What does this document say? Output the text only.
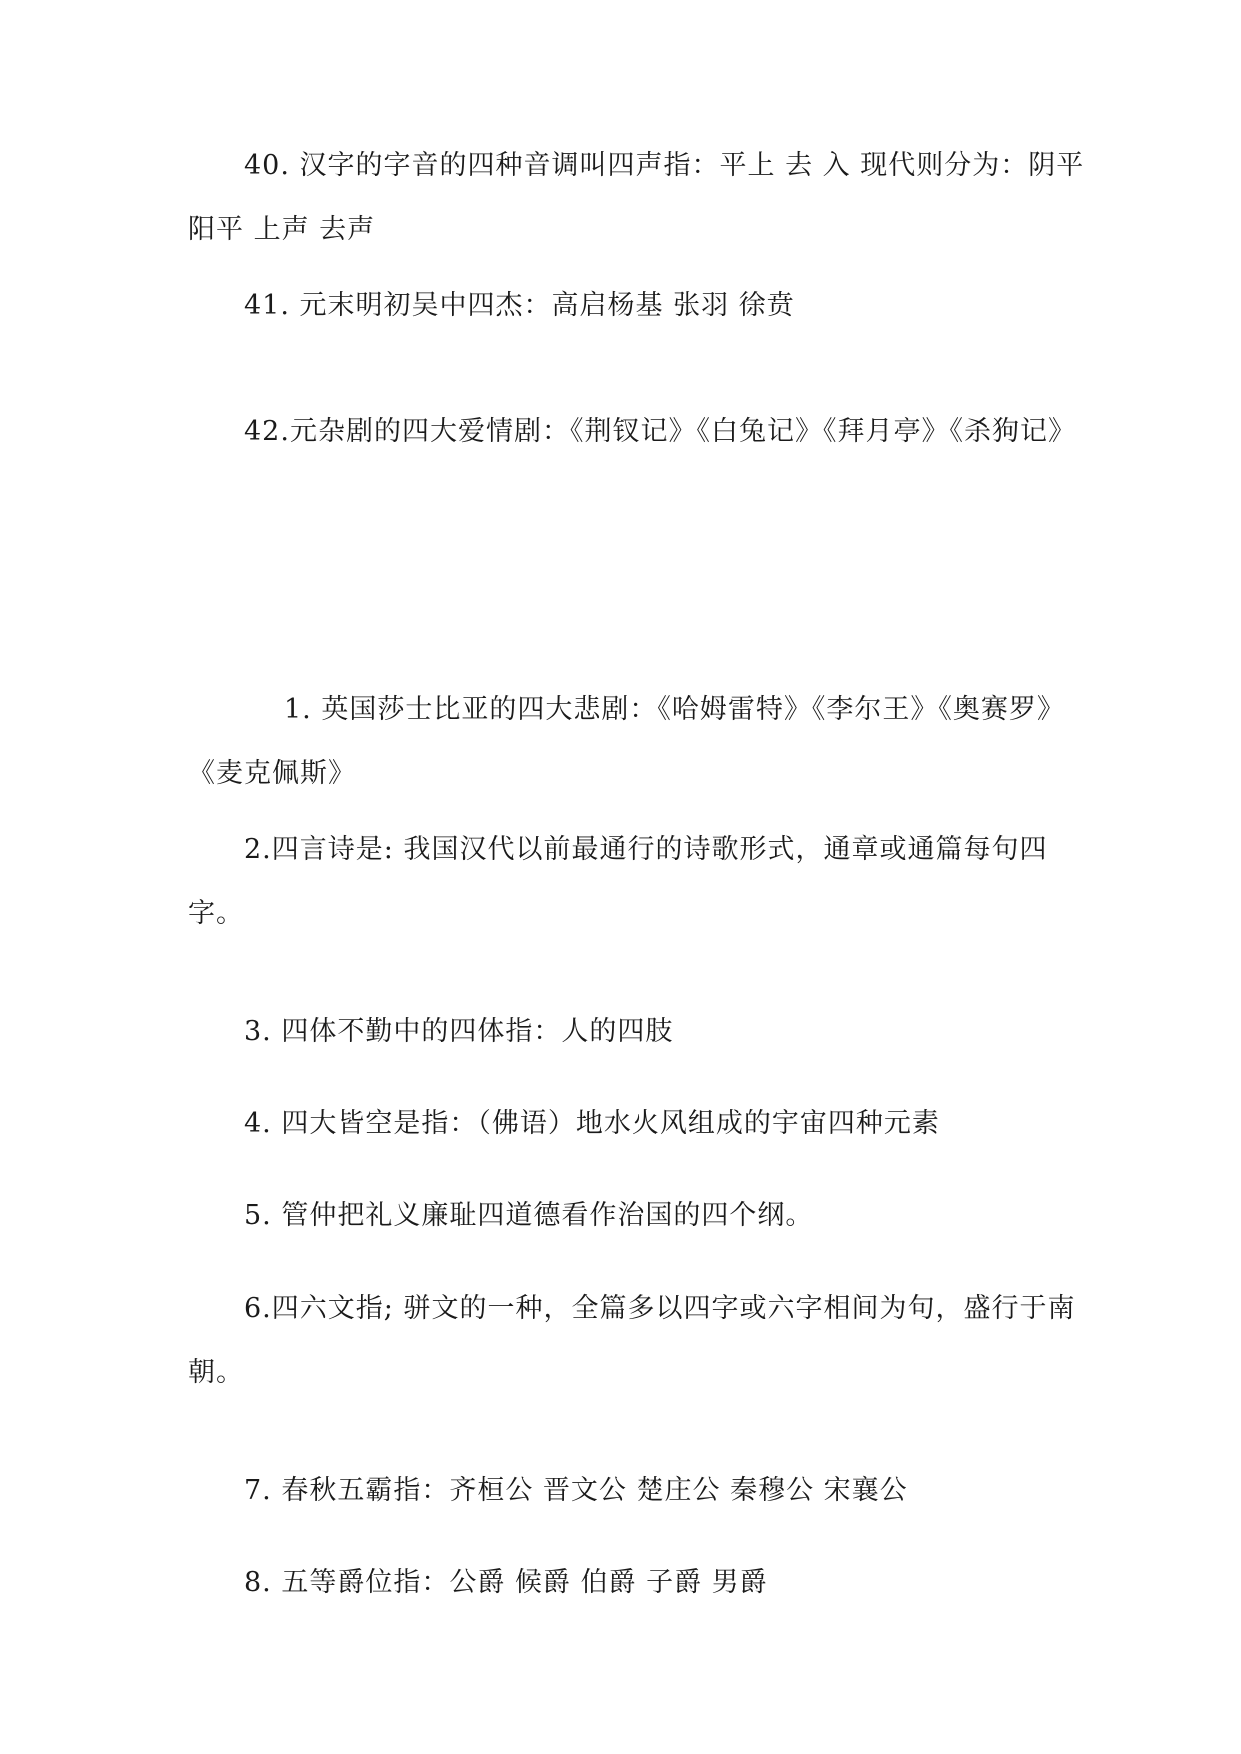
40. 汉字的字音的四种音调叫四声指：平上 去 入 现代则分为：阴平 阳平 上声 去声

41. 元末明初吴中四杰：高启杨基 张羽 徐贲

42.元杂剧的四大爱情剧：《荆钗记》《白兔记》《拜月亭》《杀狗记》

1. 英国莎士比亚的四大悲剧：《哈姆雷特》《李尔王》《奥赛罗》《麦克佩斯》

2.四言诗是: 我国汉代以前最通行的诗歌形式，通章或通篇每句四字。

3. 四体不勤中的四体指：人的四肢

4. 四大皆空是指：（佛语）地水火风组成的宇宙四种元素

5. 管仲把礼义廉耻四道德看作治国的四个纲。

6.四六文指; 骈文的一种，全篇多以四字或六字相间为句，盛行于南朝。

7. 春秋五霸指：齐桓公 晋文公 楚庄公 秦穆公 宋襄公

8. 五等爵位指：公爵 候爵 伯爵 子爵 男爵
